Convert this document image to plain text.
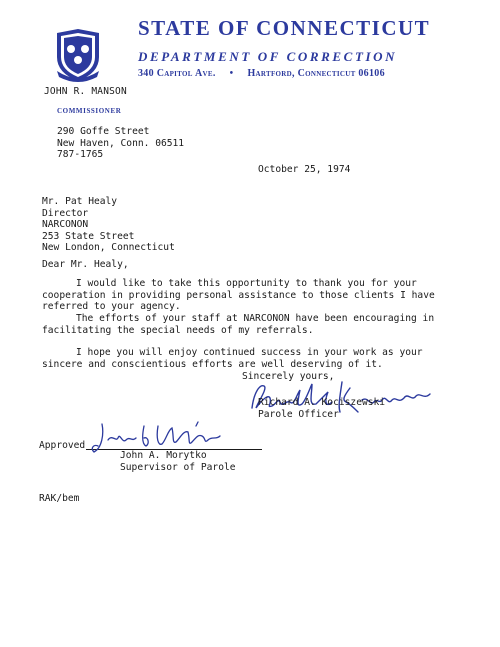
STATE OF CONNECTICUT
DEPARTMENT OF CORRECTION
340 Capitol Ave. • Hartford, Connecticut 06106
JOHN R. MANSON
COMMISSIONER
290 Goffe Street
New Haven, Conn. 06511
787-1765
October 25, 1974
Mr. Pat Healy
Director
NARCONON
253 State Street
New London, Connecticut
Dear Mr. Healy,
I would like to take this opportunity to thank you for your cooperation in providing personal assistance to those clients I have referred to your agency.
The efforts of your staff at NARCONON have been encouraging in facilitating the special needs of my referrals.
I hope you will enjoy continued success in your work as your sincere and conscientious efforts are well deserving of it.
Sincerely yours,
Richard A. Kociszewski
Parole Officer
Approved
John A. Morytko
Supervisor of Parole
RAK/bem
